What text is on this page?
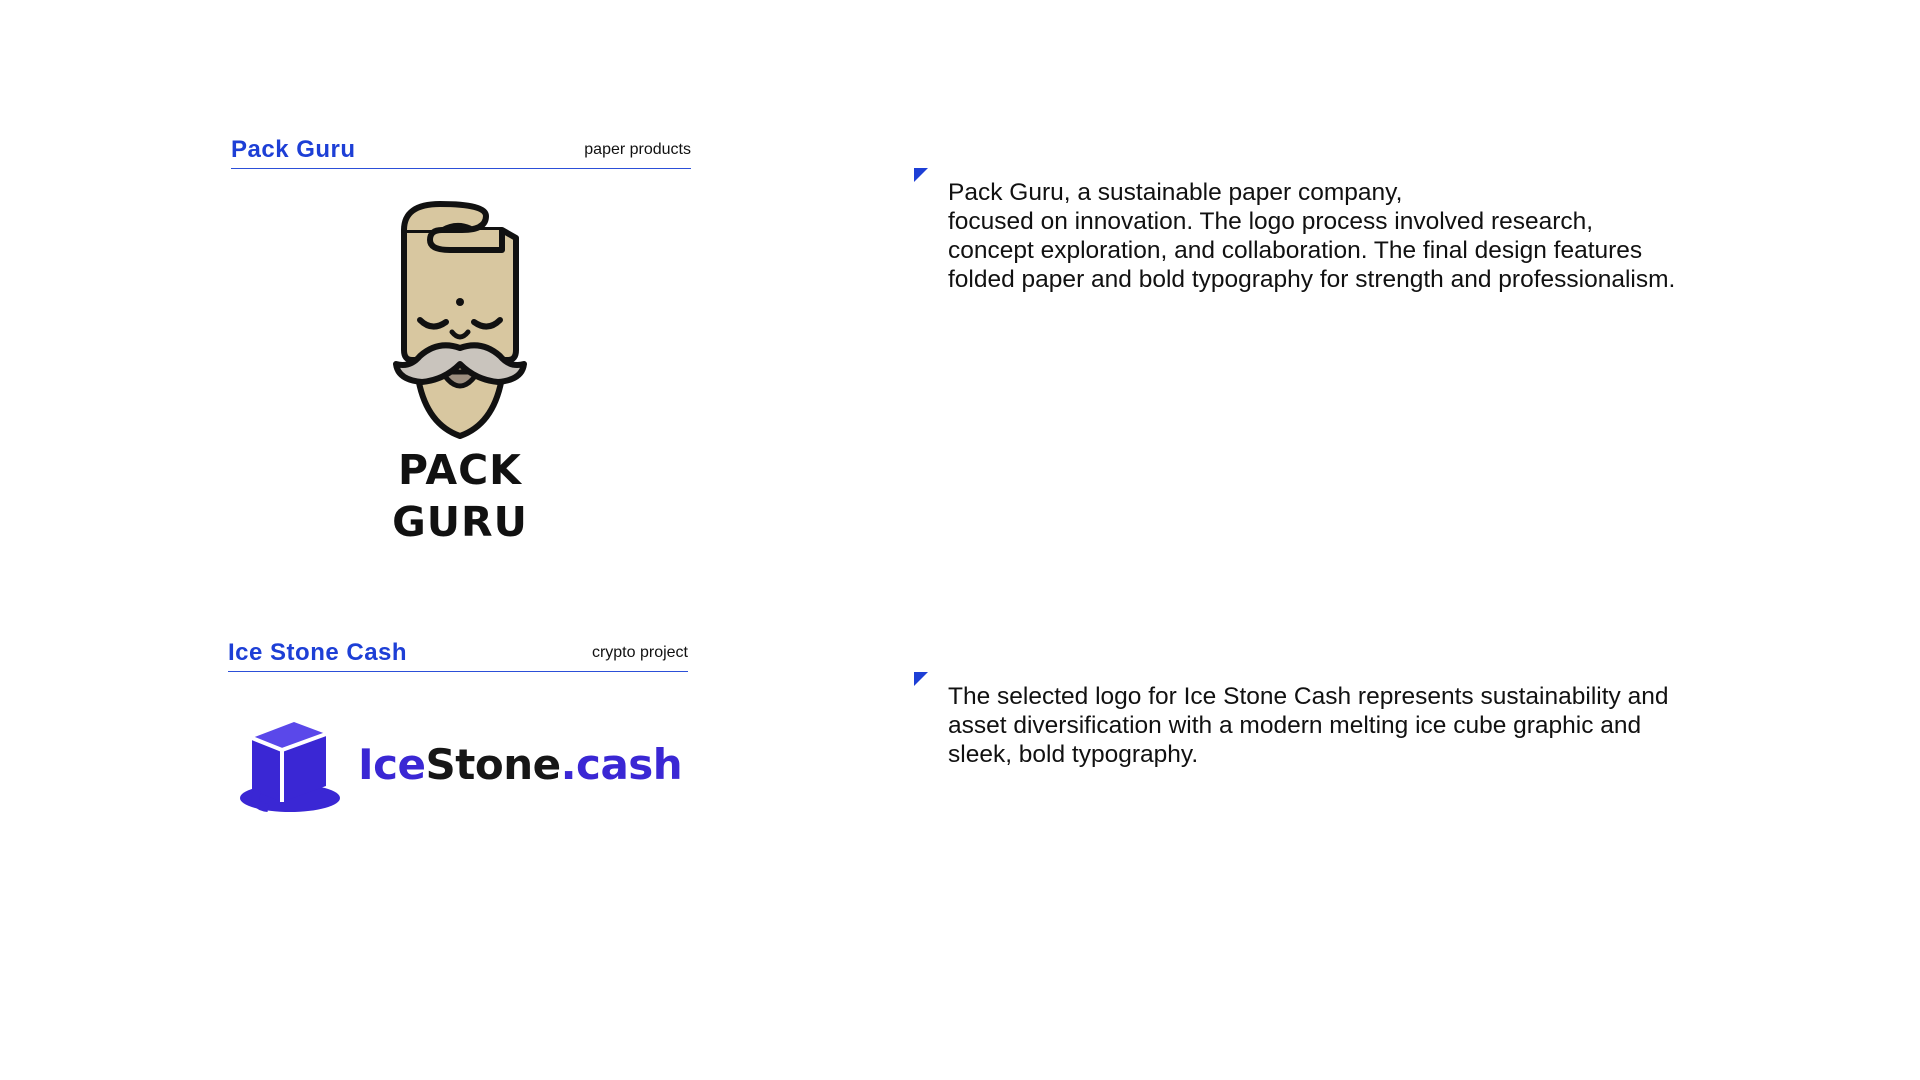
Pack Guru	paper products
PACK
GURU

Pack Guru, a sustainable paper company,
focused on innovation. The logo process involved research, concept exploration, and collaboration. The final design features folded paper and bold typography for strength and professionalism.

Ice Stone Cash	crypto project
IceStone.cash

The selected logo for Ice Stone Cash represents sustainability and asset diversification with a modern melting ice cube graphic and sleek, bold typography.
